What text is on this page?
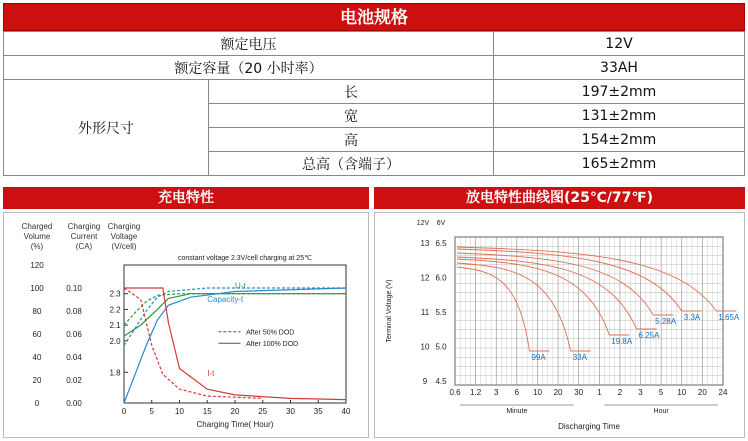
电池规格
额定电压		12V
额定容量（20 小时率）		33AH
外形尺寸	长	197±2mm
	宽	131±2mm
	高	154±2mm
	总高（含端子）	165±2mm
充电特性	放电特性曲线图(25℃/77℉)
Charged
Volume
(%)
Charging
Current
(CA)
Charging
Voltage
(V/cell)
0
20
40
60
80
100
120
0.00
0.02
0.04
0.06
0.08
0.10
1.8
2.0
2.1
2.2
2.3
0	5	10 15 20 25 30 35 40
Charging Time( Hour)
constant voltage 2.3V/cell charging at 25℃
U-t
Capacity-t
I-t
After 50% DOD
After 100% DOD
0.6 1.2 3 6 10 20 30 1 2 3 5 10 20 24
13
12
11
10
9
6.5
6.0
5.5
5.0
4.5
12V 6V
Terminal Voltage (V)
Minute	Hour
Discharging Time
99A	33A
19.8A
6.25A
5.28A 3.3A 1.65A
